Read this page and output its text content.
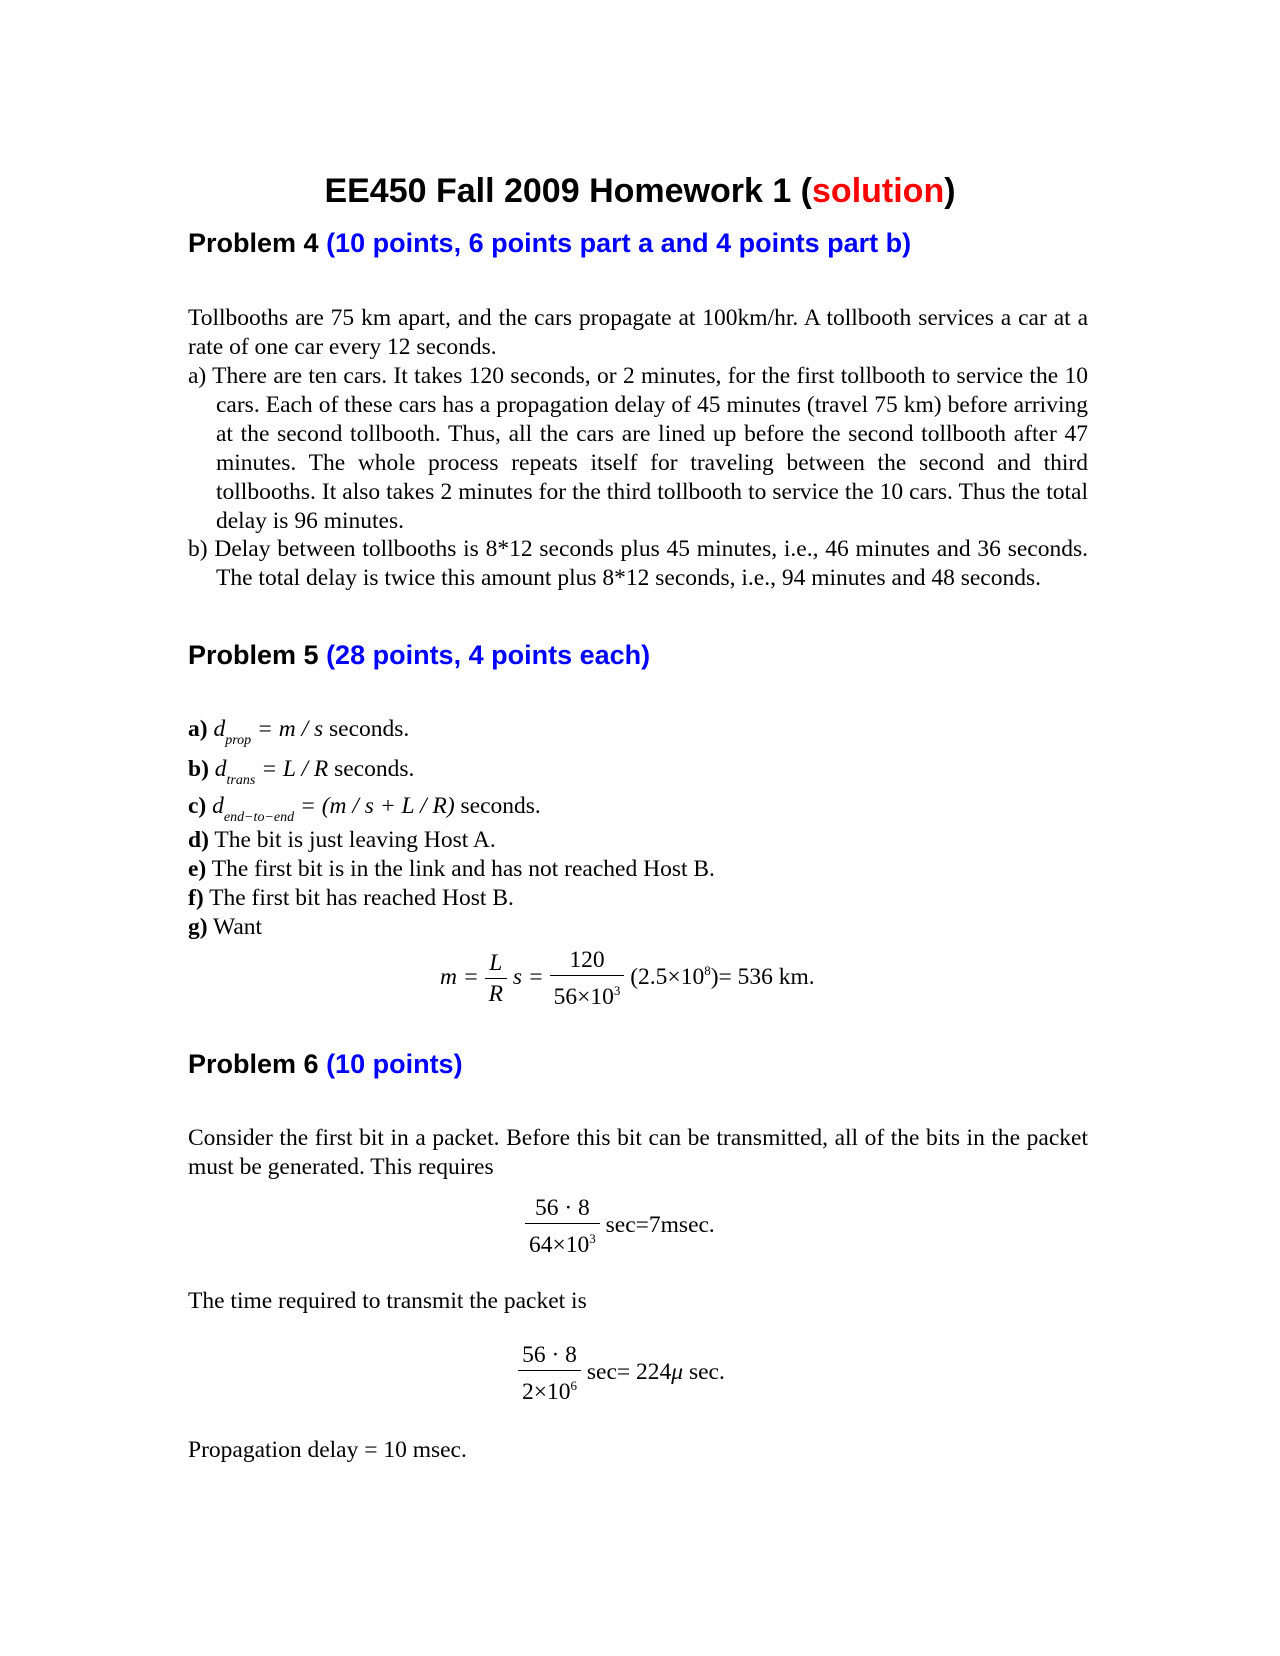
EE450 Fall 2009 Homework 1 (solution)
Problem 4 (10 points, 6 points part a and 4 points part b)
Tollbooths are 75 km apart, and the cars propagate at 100km/hr. A tollbooth services a car at a rate of one car every 12 seconds.
a) There are ten cars. It takes 120 seconds, or 2 minutes, for the first tollbooth to service the 10 cars. Each of these cars has a propagation delay of 45 minutes (travel 75 km) before arriving at the second tollbooth. Thus, all the cars are lined up before the second tollbooth after 47 minutes. The whole process repeats itself for traveling between the second and third tollbooths. It also takes 2 minutes for the third tollbooth to service the 10 cars. Thus the total delay is 96 minutes.
b) Delay between tollbooths is 8*12 seconds plus 45 minutes, i.e., 46 minutes and 36 seconds. The total delay is twice this amount plus 8*12 seconds, i.e., 94 minutes and 48 seconds.
Problem 5 (28 points, 4 points each)
a) $d_{prop} = m / s$ seconds.
b) $d_{trans} = L / R$ seconds.
c) $d_{end-to-end} = (m / s + L / R)$ seconds.
d) The bit is just leaving Host A.
e) The first bit is in the link and has not reached Host B.
f) The first bit has reached Host B.
g) Want
$m = \frac{L}{R}$ $s = \frac{120}{56\times 10^3} (2.5\times 10^8)= 536$ km.
Problem 6 (10 points)
Consider the first bit in a packet. Before this bit can be transmitted, all of the bits in the packet must be generated. This requires
$\frac{56 \cdot 8}{64\times 10^3} \sec=7msec$.
The time required to transmit the packet is
$\frac{56 \cdot 8}{2\times 10^6} \sec= 224\mu$ sec.
Propagation delay = 10 msec.
